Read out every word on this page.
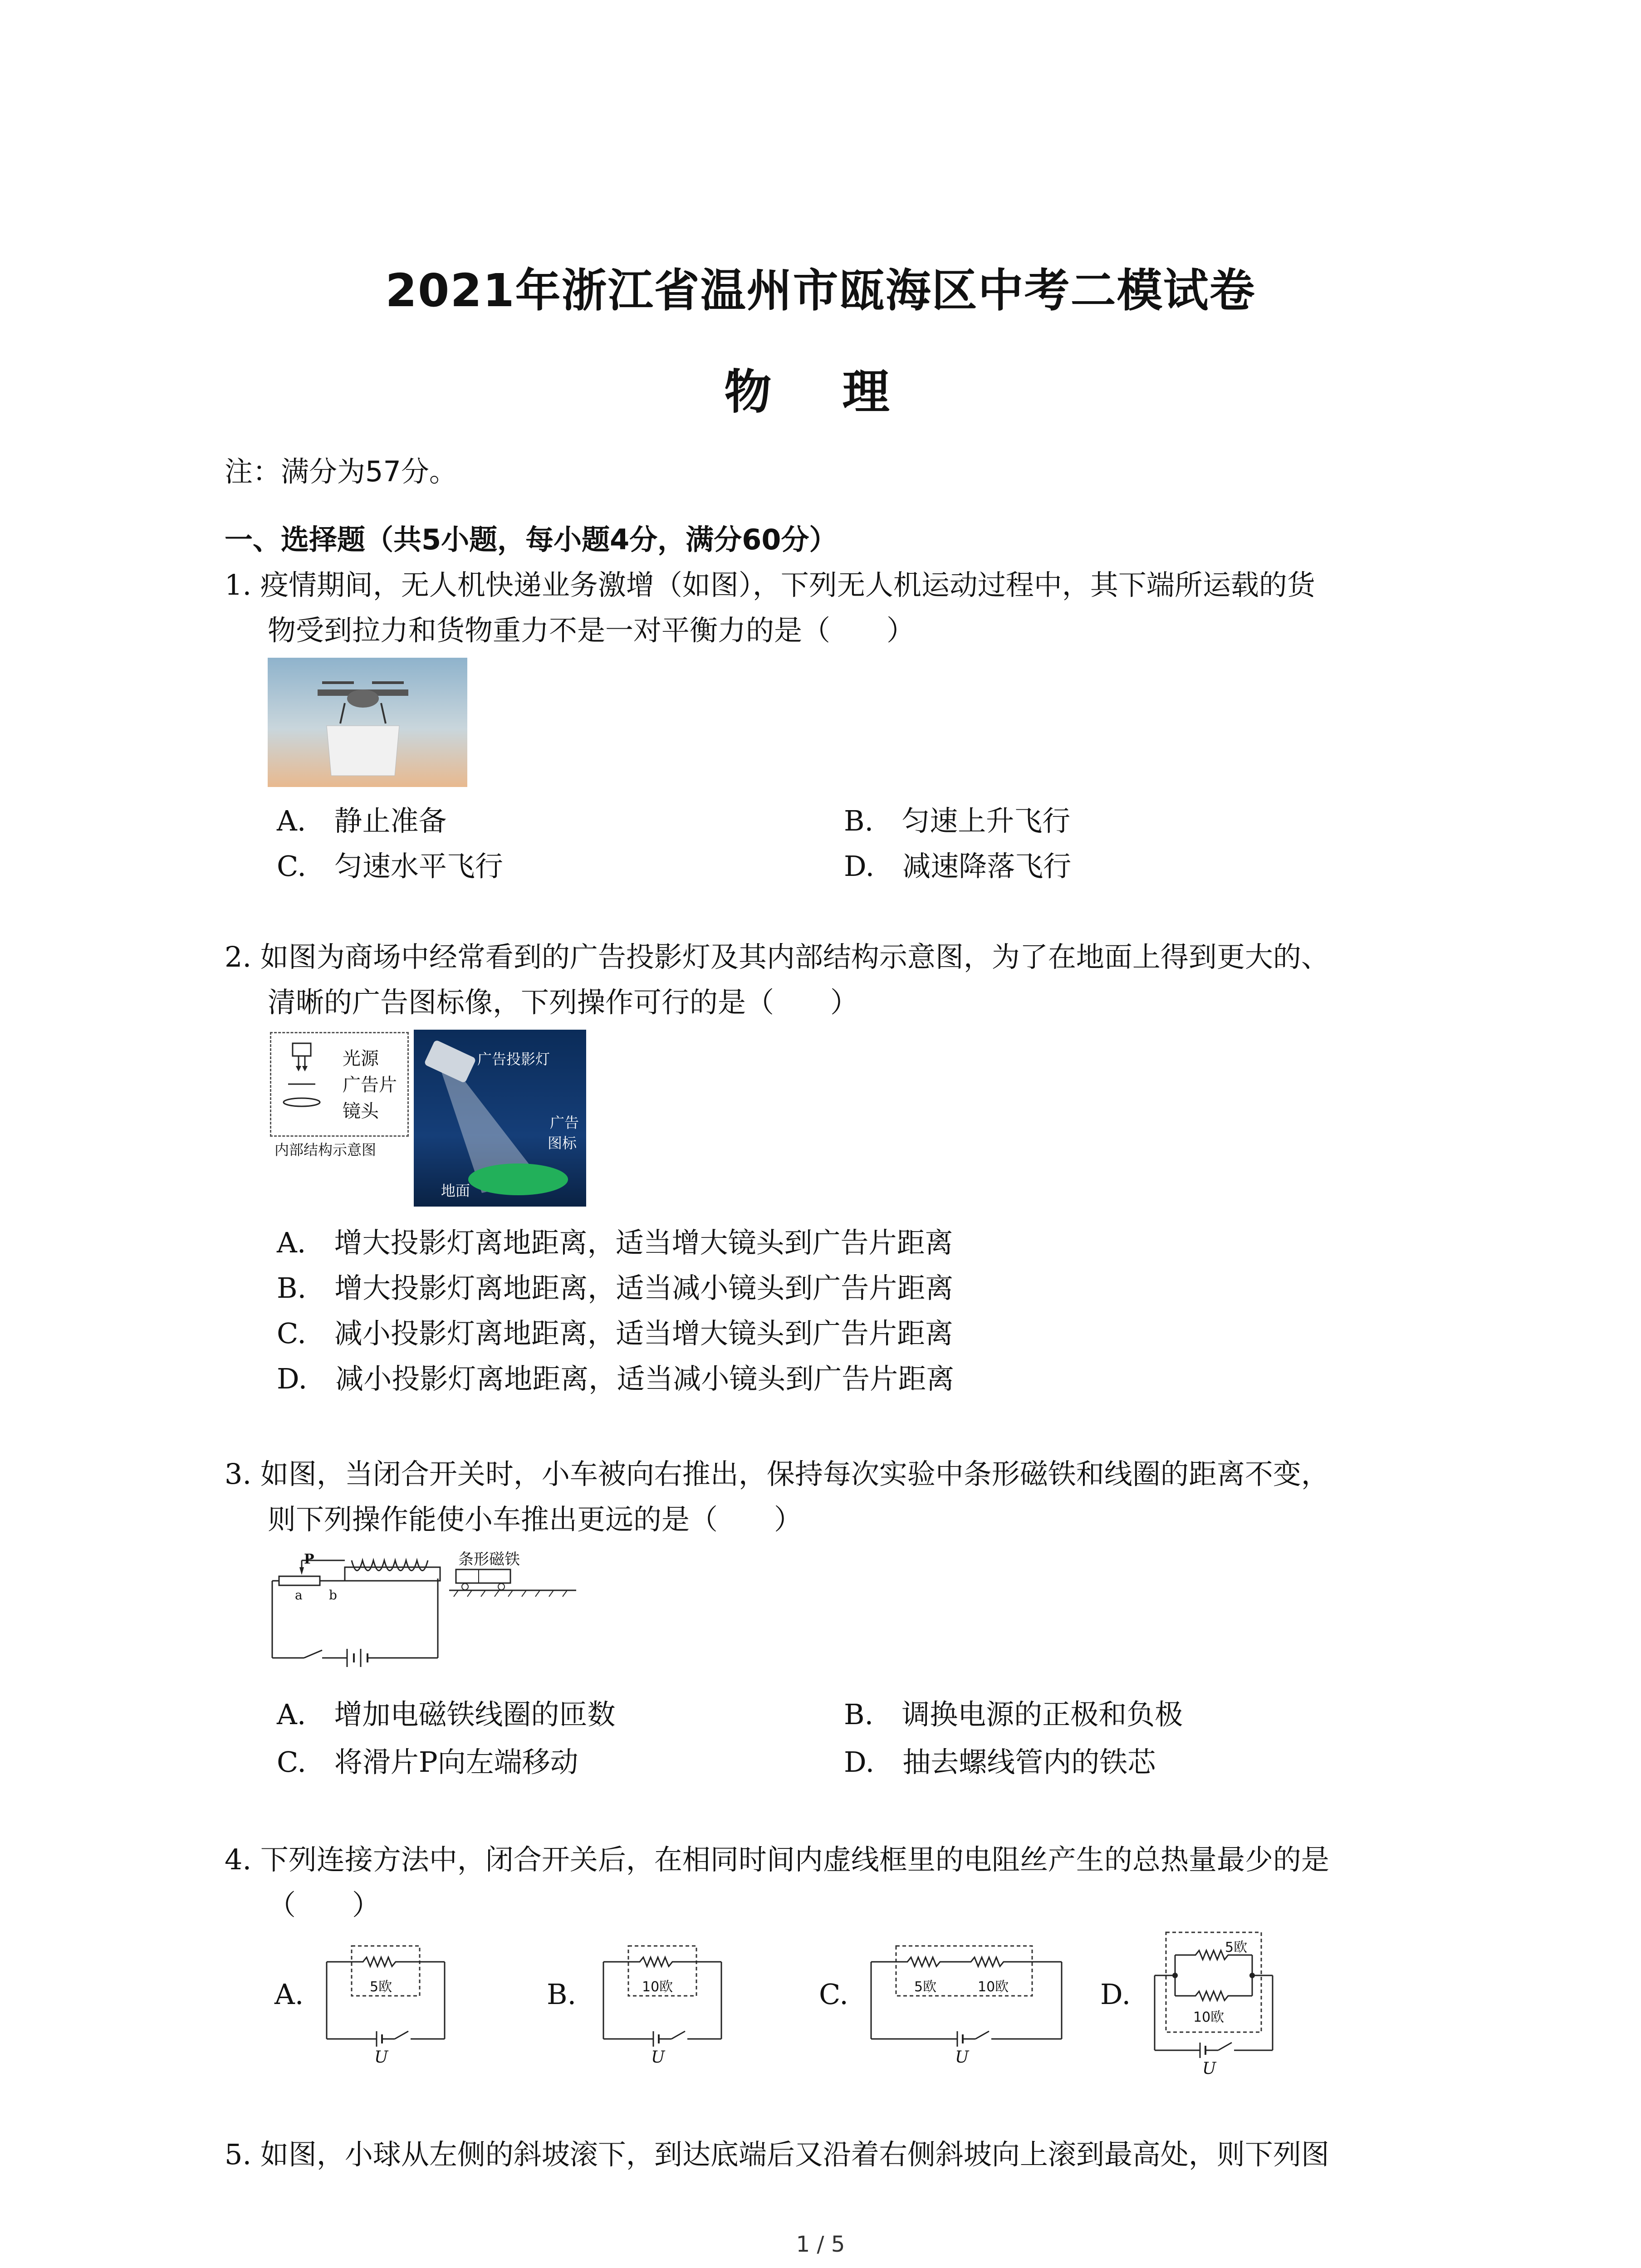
2021年浙江省温州市瓯海区中考二模试卷
物 理
注：满分为57分。
一、选择题（共5小题，每小题4分，满分60分）
1. 疫情期间，无人机快递业务激增（如图），下列无人机运动过程中，其下端所运载的货
物受到拉力和货物重力不是一对平衡力的是（　　）
A.　静止准备	B.　匀速上升飞行
C.　匀速水平飞行	D.　减速降落飞行
2. 如图为商场中经常看到的广告投影灯及其内部结构示意图，为了在地面上得到更大的、
清晰的广告图标像，下列操作可行的是（　　）
光源
广告片
镜头
内部结构示意图
广告投影灯
广告
图标
地面
A.　增大投影灯离地距离，适当增大镜头到广告片距离
B.　增大投影灯离地距离，适当减小镜头到广告片距离
C.　减小投影灯离地距离，适当增大镜头到广告片距离
D.　减小投影灯离地距离，适当减小镜头到广告片距离
3. 如图，当闭合开关时，小车被向右推出，保持每次实验中条形磁铁和线圈的距离不变，
则下列操作能使小车推出更远的是（　　）
条形磁铁
P
a b
A.　增加电磁铁线圈的匝数	B.　调换电源的正极和负极
C.　将滑片P向左端移动	D.　抽去螺线管内的铁芯
4. 下列连接方法中，闭合开关后，在相同时间内虚线框里的电阻丝产生的总热量最少的是
（　　）
A.	5欧
U
B.	10欧
U
C.	5欧	10欧
U
D.
5欧
10欧
U
5. 如图，小球从左侧的斜坡滚下，到达底端后又沿着右侧斜坡向上滚到最高处，则下列图
1 / 5
